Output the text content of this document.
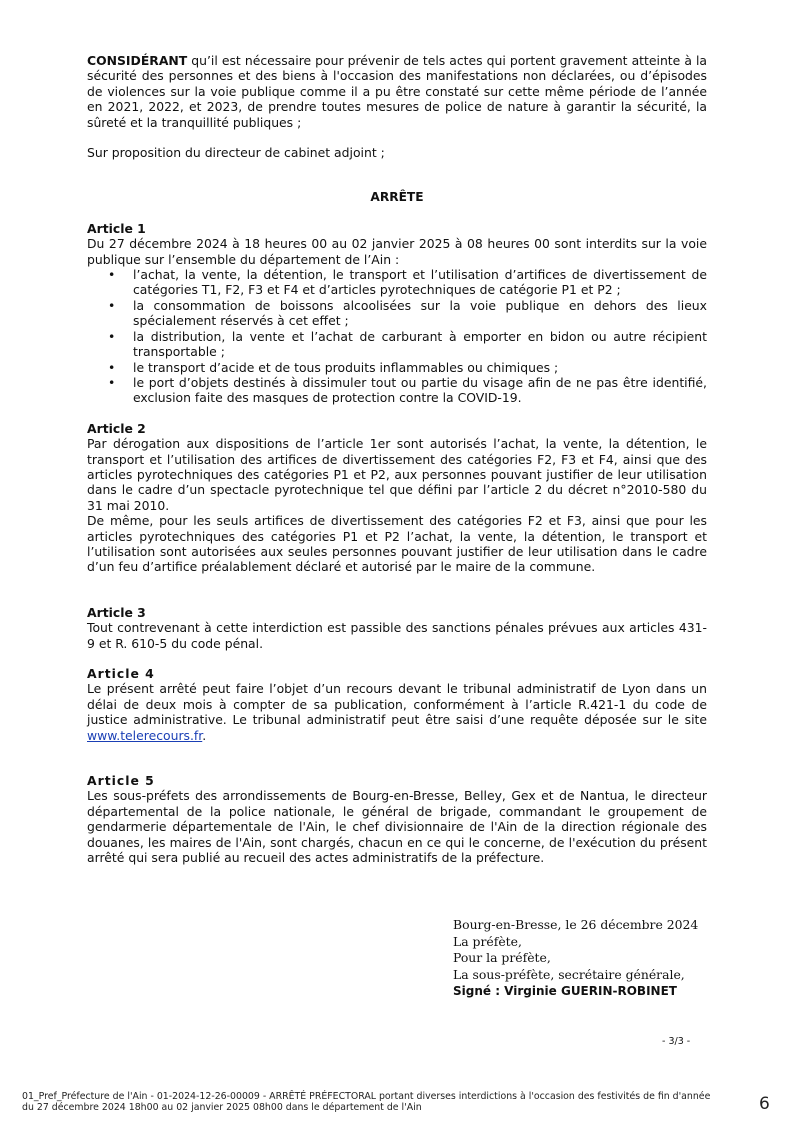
CONSIDÉRANT qu’il est nécessaire pour prévenir de tels actes qui portent gravement atteinte à la sécurité des personnes et des biens à l'occasion des manifestations non déclarées, ou d’épisodes de violences sur la voie publique comme il a pu être constaté sur cette même période de l’année en 2021, 2022, et 2023, de prendre toutes mesures de police de nature à garantir la sécurité, la sûreté et la tranquillité publiques ;

Sur proposition du directeur de cabinet adjoint ;

ARRÊTE

Article 1

Du 27 décembre 2024 à 18 heures 00 au 02 janvier 2025 à 08 heures 00 sont interdits sur la voie publique sur l’ensemble du département de l’Ain :

• l’achat, la vente, la détention, le transport et l’utilisation d’artifices de divertissement de catégories T1, F2, F3 et F4 et d’articles pyrotechniques de catégorie P1 et P2 ;
• la consommation de boissons alcoolisées sur la voie publique en dehors des lieux spécialement réservés à cet effet ;
• la distribution, la vente et l’achat de carburant à emporter en bidon ou autre récipient transportable ;
• le transport d’acide et de tous produits inflammables ou chimiques ;
• le port d’objets destinés à dissimuler tout ou partie du visage afin de ne pas être identifié, exclusion faite des masques de protection contre la COVID-19.
Article 2

Par dérogation aux dispositions de l’article 1er sont autorisés l’achat, la vente, la détention, le transport et l’utilisation des artifices de divertissement des catégories F2, F3 et F4, ainsi que des articles pyrotechniques des catégories P1 et P2, aux personnes pouvant justifier de leur utilisation dans le cadre d’un spectacle pyrotechnique tel que défini par l’article 2 du décret n°2010-580 du 31 mai 2010.

De même, pour les seuls artifices de divertissement des catégories F2 et F3, ainsi que pour les articles pyrotechniques des catégories P1 et P2 l’achat, la vente, la détention, le transport et l’utilisation sont autorisées aux seules personnes pouvant justifier de leur utilisation dans le cadre d’un feu d’artifice préalablement déclaré et autorisé par le maire de la commune.

Article 3

Tout contrevenant à cette interdiction est passible des sanctions pénales prévues aux articles 431-9 et R. 610-5 du code pénal.

Article 4

Le présent arrêté peut faire l’objet d’un recours devant le tribunal administratif de Lyon dans un délai de deux mois à compter de sa publication, conformément à l’article R.421-1 du code de justice administrative. Le tribunal administratif peut être saisi d’une requête déposée sur le site www.telerecours.fr.

Article 5

Les sous-préfets des arrondissements de Bourg-en-Bresse, Belley, Gex et de Nantua, le directeur départemental de la police nationale, le général de brigade, commandant le groupement de gendarmerie départementale de l'Ain, le chef divisionnaire de l'Ain de la direction régionale des douanes, les maires de l'Ain, sont chargés, chacun en ce qui le concerne, de l'exécution du présent arrêté qui sera publié au recueil des actes administratifs de la préfecture.

Bourg-en-Bresse, le 26 décembre 2024
La préfète,
Pour la préfète,
La sous-préfète, secrétaire générale,
Signé : Virginie GUERIN-ROBINET
- 3/3 -
01_Pref_Préfecture de l'Ain - 01-2024-12-26-00009 - ARRÊTÉ PRÉFECTORAL portant diverses interdictions à l'occasion des festivités de fin d'année du 27 décembre 2024 18h00 au 02 janvier 2025 08h00 dans le département de l'Ain	6
